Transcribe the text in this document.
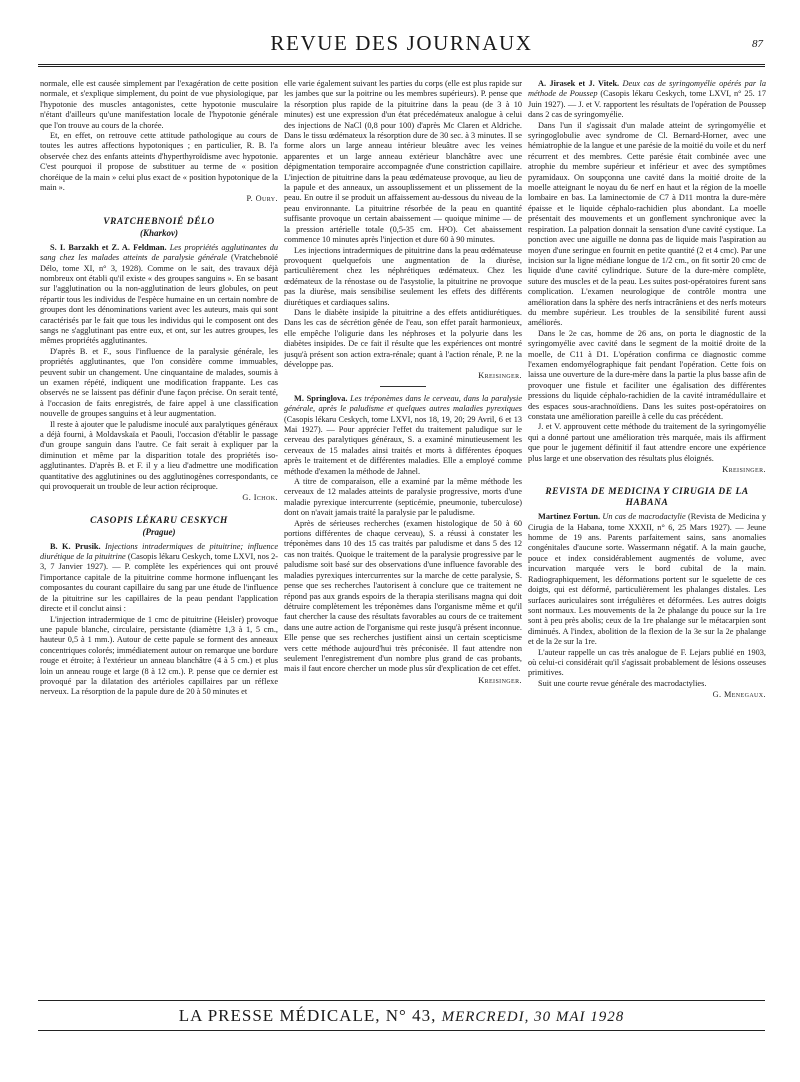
REVUE DES JOURNAUX	87

normale, elle est causée simplement par l'exagération de cette position normale, et s'explique simplement, du point de vue physiologique, par l'hypotonie des muscles antagonistes, cette hypotonie musculaire n'étant d'ailleurs qu'une manifestation locale de l'hypotonie générale que l'on trouve au cours de la chorée.

Et, en effet, on retrouve cette attitude pathologique au cours de toutes les autres affections hypotoniques ; en particulier, R. B. l'a observée chez des enfants atteints d'hyperthyroïdisme avec hypotonie. C'est pourquoi il propose de substituer au terme de « position choréique de la main » celui plus exact de « position hypotonique de la main ».

P. Oury.

VRATCHEBNOIÉ DÉLO

(Kharkov)

S. I. Barzakh et Z. A. Feldman. Les propriétés agglutinantes du sang chez les malades atteints de paralysie générale (Vratchebnoïé Délo, tome XI, n° 3, 1928). Comme on le sait, des travaux déjà nombreux ont établi qu'il existe « des groupes sanguins ». En se basant sur l'agglutination ou la non-agglutination de leurs globules, on peut répartir tous les individus de l'espèce humaine en un certain nombre de groupes dont les dénominations varient avec les auteurs, mais qui sont caractérisés par le fait que tous les individus qui le composent ont des sangs ne s'agglutinant pas entre eux, et ont, sur les autres groupes, les mêmes propriétés agglutinantes.

D'après B. et F., sous l'influence de la paralysie générale, les propriétés agglutinantes, que l'on considère comme immuables, peuvent subir un changement. Une cinquantaine de malades, soumis à un examen répété, indiquent une modification frappante. Les cas observés ne se laissent pas définir d'une façon précise. On serait tenté, à l'occasion de faits enregistrés, de faire appel à une classification nouvelle de groupes sanguins et à leur augmentation.

Il reste à ajouter que le paludisme inoculé aux paralytiques généraux a déjà fourni, à Moldavskaïa et Paouli, l'occasion d'établir le passage d'un groupe sanguin dans l'autre. Ce fait serait à expliquer par la diminution et même par la disparition totale des propriétés iso-agglutinantes. D'après B. et F. il y a lieu d'admettre une modification quantitative des agglutinines ou des agglutinogènes correspondants, ce qui provoquerait un trouble de leur action réciproque.

G. Ichok.

CASOPIS LÉKARU CESKYCH

(Prague)

B. K. Prusik. Injections intradermiques de pituitrine; influence diurétique de la pituitrine (Casopis lékaru Ceskych, tome LXVI, nos 2-3, 7 Janvier 1927). — P. complète les expériences qui ont prouvé l'importance capitale de la pituitrine comme hormone influençant les composantes du courant capillaire du sang par une étude de l'influence de la pituitrine sur les capillaires de la peau pendant l'application directe et il conclut ainsi :

L'injection intradermique de 1 cmc de pituitrine (Heisler) provoque une papule blanche, circulaire, persistante (diamètre 1,3 à 1, 5 cm., hauteur 0,5 à 1 mm.). Autour de cette papule se forment des anneaux concentriques colorés; immédiatement autour on remarque une bordure rouge et étroite; à l'extérieur un anneau blanchâtre (4 à 5 cm.) et plus loin un anneau rouge et large (8 à 12 cm.). P. pense que ce dernier est provoqué par la dilatation des artérioles capillaires par un réflexe nerveux. La résorption de la papule dure de 20 à 50 minutes et

elle varie également suivant les parties du corps (elle est plus rapide sur les jambes que sur la poitrine ou les membres supérieurs). P. pense que la résorption plus rapide de la pituitrine dans la peau (de 3 à 10 minutes) est une expression d'un état précedémateux analogue à celui des injections de NaCl (0,8 pour 100) d'après Mc Claren et Aldriche. Dans le tissu œdémateux la résorption dure de 30 sec. à 3 minutes. Il se forme alors un large anneau intérieur bleuâtre avec les veines apparentes et un large anneau extérieur blanchâtre avec une dépigmentation temporaire accompagnée d'une constriction capillaire. L'injection de pituitrine dans la peau œdémateuse provoque, au lieu de la papule et des anneaux, un assouplissement et un plissement de la peau. En outre il se produit un affaissement au-dessous du niveau de la peau environnante. La pituitrine résorbée de la peau en quantité suffisante provoque un certain abaissement — quoique minime — de la pression artérielle totale (0,5-35 cm. H²O). Cet abaissement commence 10 minutes après l'injection et dure 60 à 90 minutes.

Les injections intradermiques de pituitrine dans la peau œdémateuse provoquent quelquefois une augmentation de la diurèse, particulièrement chez les néphrétiques œdémateux. Chez les œdémateux de la rénostase ou de l'asystolie, la pituitrine ne provoque pas la diurèse, mais sensibilise seulement les effets des différents diurétiques et cardiaques salins.

Dans le diabète insipide la pituitrine a des effets antidiurétiques. Dans les cas de sécrétion gênée de l'eau, son effet paraît harmonieux, elle empêche l'oligurie dans les néphroses et la polyurie dans les diabètes insipides. De ce fait il résulte que les expériences ont montré jusqu'à présent son action extra-rénale; quant à l'action rénale, P. ne la développe pas.

Kreisinger.

M. Springlova. Les tréponèmes dans le cerveau, dans la paralysie générale, après le paludisme et quelques autres maladies pyrexiques (Casopis lékaru Ceskych, tome LXVI, nos 18, 19, 20; 29 Avril, 6 et 13 Mai 1927). — Pour apprécier l'effet du traitement paludique sur le cerveau des paralytiques généraux, S. a examiné minutieusement les cerveaux de 15 malades ainsi traités et morts à différentes époques après le traitement et de différentes maladies. Elle a employé comme méthode d'examen la méthode de Jahnel.

A titre de comparaison, elle a examiné par la même méthode les cerveaux de 12 malades atteints de paralysie progressive, morts d'une maladie pyrexique intercurrente (septicémie, pneumonie, tuberculose) dont on n'avait jamais traité la paralysie par le paludisme.

Après de sérieuses recherches (examen histologique de 50 à 60 portions différentes de chaque cerveau), S. a réussi à constater les tréponèmes dans 10 des 15 cas traités par paludisme et dans 5 des 12 cas non traités. Quoique le traitement de la paralysie progressive par le paludisme soit basé sur des observations d'une influence favorable des maladies pyrexiques intercurrentes sur la marche de cette paralysie, S. pense que ses recherches l'autorisent à conclure que ce traitement ne répond pas aux grands espoirs de la therapia sterilisans magna qui doit détruire complètement les tréponèmes dans l'organisme même et qu'il faut chercher la cause des résultats favorables au cours de ce traitement dans une autre action de l'organisme qui reste jusqu'à présent inconnue. Elle pense que ses recherches justifient ainsi un certain scepticisme vers cette méthode aujourd'hui très préconisée. Il faut attendre non seulement l'enregistrement d'un nombre plus grand de cas probants, mais il faut encore chercher un mode plus sûr d'explication de cet effet.

Kreisinger.

A. Jirasek et J. Vitek. Deux cas de syringomyélie opérés par la méthode de Poussep (Casopis lékaru Ceskych, tome LXVI, n° 25. 17 Juin 1927). — J. et V. rapportent les résultats de l'opération de Poussep dans 2 cas de syringomyélie.

Dans l'un il s'agissait d'un malade atteint de syringomyélie et syringoglobulie avec syndrome de Cl. Bernard-Horner, avec une hémiatrophie de la langue et une parésie de la moitié du voile et du nerf récurrent et des membres. Cette parésie était combinée avec une atrophie du membre supérieur et inférieur et avec des symptômes pyramidaux. On soupçonna une cavité dans la moitié droite de la moelle atteignant le noyau du 6e nerf en haut et la région de la moelle lombaire en bas. La laminectomie de C7 à D11 montra la dure-mère épaisse et le liquide céphalo-rachidien plus abondant. La moelle présentait des mouvements et un gonflement synchronique avec la respiration. La palpation donnait la sensation d'une cavité cystique. La ponction avec une aiguille ne donna pas de liquide mais l'aspiration au moyen d'une seringue en fournit en petite quantité (2 et 4 cmc). Par une incision sur la ligne médiane longue de 1/2 cm., on fit sortir 20 cmc de liquide d'une cavité cylindrique. Suture de la dure-mère complète, suture des muscles et de la peau. Les suites post-opératoires furent sans complication. L'examen neurologique de contrôle montra une amélioration dans la sphère des nerfs intracrâniens et des nerfs moteurs du membre supérieur. Les troubles de la sensibilité furent aussi améliorés.

Dans le 2e cas, homme de 26 ans, on porta le diagnostic de la syringomyélie avec cavité dans le segment de la moitié droite de la moelle, de C11 à D1. L'opération confirma ce diagnostic comme l'examen endomyélographique fait pendant l'opération. Cette fois on laissa une ouverture de la dure-mère dans la partie la plus basse afin de provoquer une fistule et faciliter une égalisation des différentes pressions du liquide céphalo-rachidien de la cavité intramédullaire et des espaces sous-arachnoïdiens. Dans les suites post-opératoires on constata une amélioration pareille à celle du cas précédent.

J. et V. approuvent cette méthode du traitement de la syringomyélie qui a donné partout une amélioration très marquée, mais ils affirment que pour le jugement définitif il faut attendre encore une expérience plus large et une observation des résultats plus éloignés.

Kreisinger.

REVISTA DE MEDICINA Y CIRUGIA DE LA HABANA

Martinez Fortun. Un cas de macrodactylie (Revista de Medicina y Cirugia de la Habana, tome XXXII, n° 6, 25 Mars 1927). — Jeune homme de 19 ans. Parents parfaitement sains, sans anomalies congénitales d'aucune sorte. Wassermann négatif. A la main gauche, pouce et index considérablement augmentés de volume, avec incurvation marquée vers le bord cubital de la main. Radiographiquement, les déformations portent sur le squelette de ces doigts, qui est déformé, particulièrement les phalanges distales. Les surfaces auriculaires sont irrégulières et déformées. Les autres doigts sont normaux. Les mouvements de la 2e phalange du pouce sur la 1re sont à peu près abolis; ceux de la 1re phalange sur le métacarpien sont diminués. A l'index, abolition de la flexion de la 3e sur la 2e phalange et de la 2e sur la 1re.

L'auteur rappelle un cas très analogue de F. Lejars publié en 1903, où celui-ci considérait qu'il s'agissait probablement de lésions osseuses primitives.

Suit une courte revue générale des macrodactylies.

G. Menegaux.

LA PRESSE MÉDICALE, N° 43, MERCREDI, 30 MAI 1928
